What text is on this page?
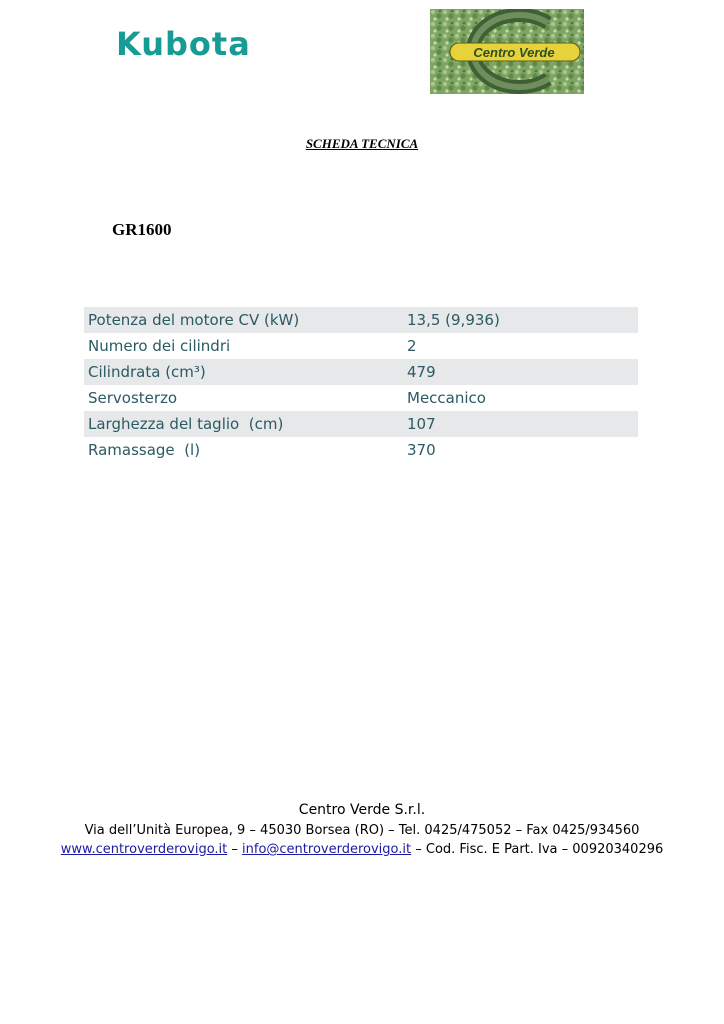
Kubota	Centro Verde
SCHEDA TECNICA
GR1600
Potenza del motore CV (kW)	13,5 (9,936)
Numero dei cilindri	2
Cilindrata (cm³)	479
Servosterzo	Meccanico
Larghezza del taglio  (cm)	107
Ramassage  (l)	370
Centro Verde S.r.l.
Via dell’Unità Europea, 9 – 45030 Borsea (RO) – Tel. 0425/475052 – Fax 0425/934560
www.centroverderovigo.it – info@centroverderovigo.it – Cod. Fisc. E Part. Iva – 00920340296
